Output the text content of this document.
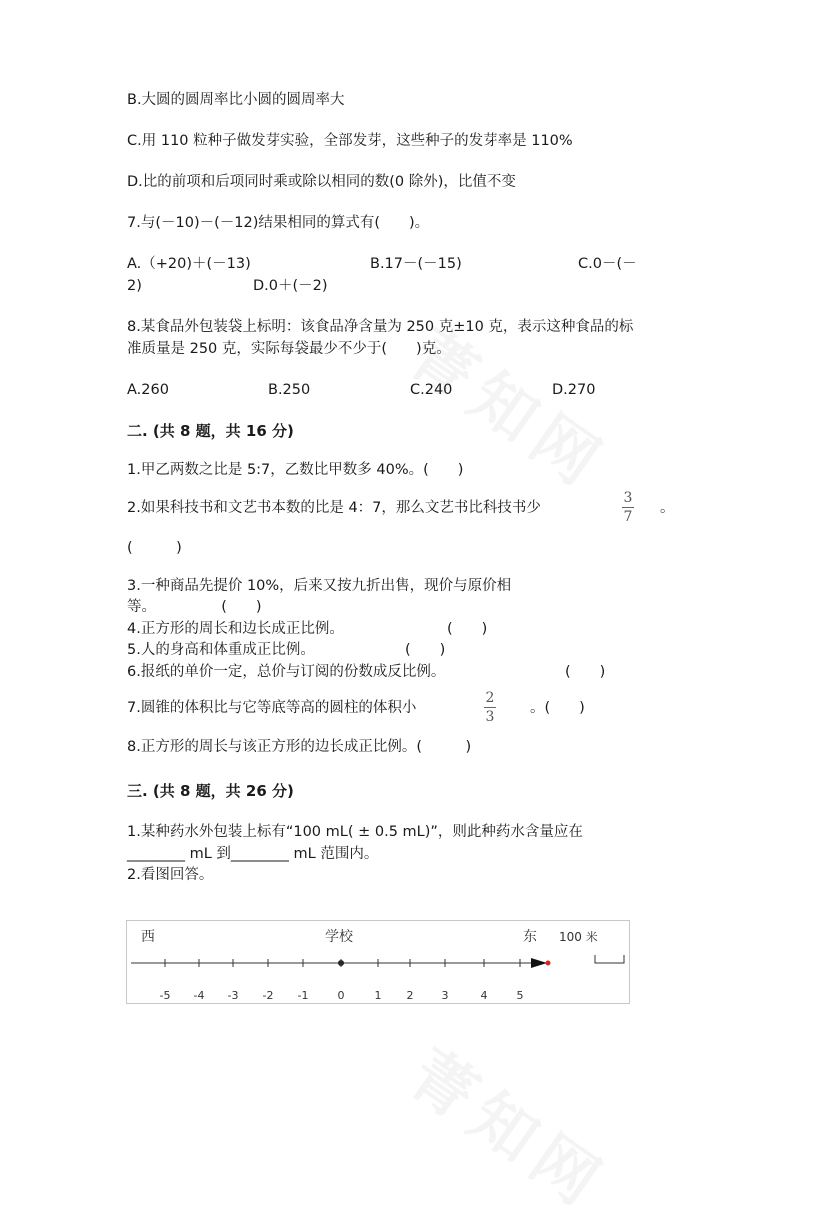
B.大圆的圆周率比小圆的圆周率大
C.用 110 粒种子做发芽实验，全部发芽，这些种子的发芽率是 110%
D.比的前项和后项同时乘或除以相同的数(0 除外)，比值不变
7.与(－10)－(－12)结果相同的算式有(　　)。
A.（+20)＋(－13)	B.17－(－15)	C.0－(－
2)	D.0＋(－2)
8.某食品外包装袋上标明：该食品净含量为 250 克±10 克，表示这种食品的标
准质量是 250 克，实际每袋最少不少于(　　)克。
A.260	B.250	C.240	D.270
二. (共 8 题，共 16 分)
1.甲乙两数之比是 5:7，乙数比甲数多 40%。(　　)
2.如果科技书和文艺书本数的比是 4：7，那么文艺书比科技书少
3
7
。
(　　　)
3.一种商品先提价 10%，后来又按九折出售，现价与原价相
等。　　　　　(　　)
4.正方形的周长和边长成正比例。	(　　)
5.人的身高和体重成正比例。	(　　)
6.报纸的单价一定，总价与订阅的份数成反比例。	(　　)
7.圆锥的体积比与它等底等高的圆柱的体积小
2
3
。(　　)
8.正方形的周长与该正方形的边长成正比例。(　　　)
三. (共 8 题，共 26 分)
1.某种药水外包装上标有“100 mL( ± 0.5 mL)”，则此种药水含量应在
________ mL 到________ mL 范围内。
2.看图回答。
西	学校	东 100 米
-5 -4 -3 -2 -1	0	1 2	3	4	5
